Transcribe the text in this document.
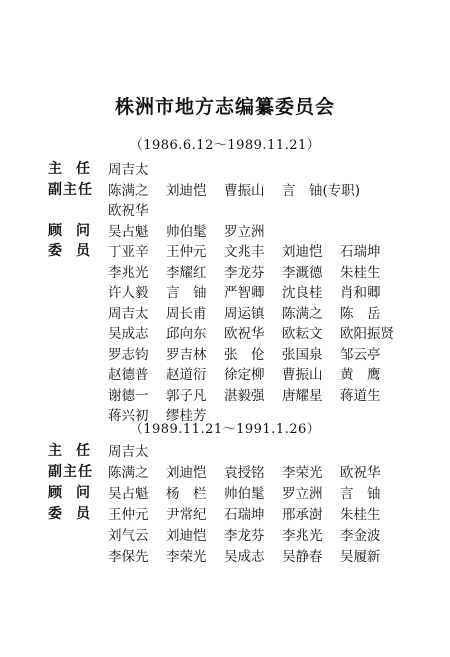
株洲市地方志编纂委员会
（1986.6.12～1989.11.21）
主　任 周吉太
副主任 陈满之 刘迪恺 曹振山 言　铀(专职)
欧祝华
顾　问 吴占魁 帅伯髦 罗立洲
委　员 丁亚辛 王仲元 文兆丰 刘迪恺 石瑞坤
李兆光 李耀红 李龙芬 李溉德 朱桂生
许人毅 言　铀 严智卿 沈良桂 肖和卿
周吉太 周长甫 周运镇 陈满之 陈　岳
吴成志 邱向东 欧祝华 欧耘文 欧阳振贤
罗志钧 罗吉林 张　伦 张国泉 邹云亭
赵德普 赵道衍 徐定柳 曹振山 黄　鹰
谢德一 郭子凡 湛毅强 唐耀星 蒋道生
蒋兴初 缪桂芳
（1989.11.21～1991.1.26）
主　任 周吉太
副主任 陈满之 刘迪恺 袁授铭 李荣光 欧祝华
顾　问 吴占魁 杨　栏 帅伯髦 罗立洲 言　铀
委　员 王仲元 尹常纪 石瑞坤 邢承澍 朱桂生
刘气云 刘迪恺 李龙芬 李兆光 李金波
李保先 李荣光 吴成志 吴静春 吴履新
